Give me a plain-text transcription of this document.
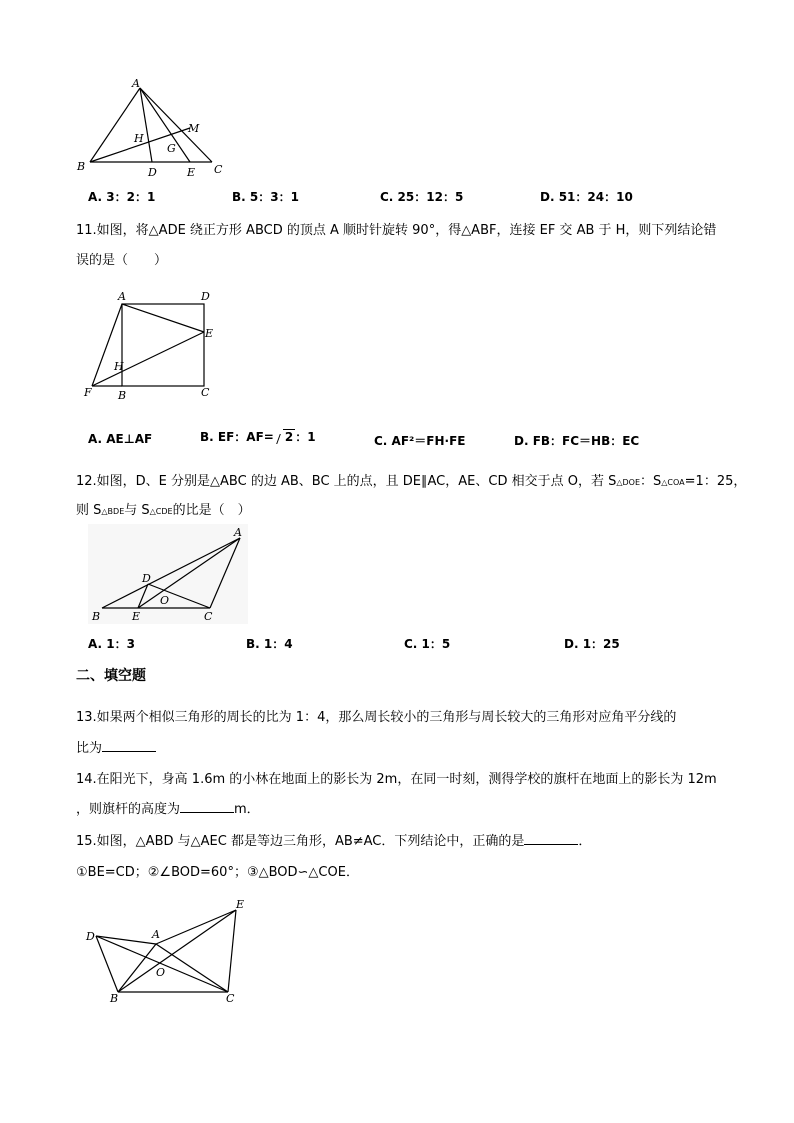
A
B	C
D	E
G
H
M
A. 3：2：1	B. 5：3：1	C. 25：12：5	D. 51：24：10
11.如图，将△ADE 绕正方形 ABCD 的顶点 A 顺时针旋转 90°，得△ABF，连接 EF 交 AB 于 H，则下列结论错
误的是（　　）
A
B	C
D
E
F
H
A. AE⊥AF	B. EF：AF= 2 ：1	C. AF²＝FH·FE	D. FB：FC＝HB：EC
12.如图，D、E 分别是△ABC 的边 AB、BC 上的点，且 DE∥AC，AE、CD 相交于点 O，若 S△DOE：S△COA=1：25，
则 S△BDE与 S△CDE的比是（　）
A
B	C
D
E
O
A. 1：3	B. 1：4	C. 1：5	D. 1：25
二、填空题
13.如果两个相似三角形的周长的比为 1：4，那么周长较小的三角形与周长较大的三角形对应角平分线的
比为
14.在阳光下，身高 1.6m 的小林在地面上的影长为 2m，在同一时刻，测得学校的旗杆在地面上的影长为 12m
，则旗杆的高度为	m．
15.如图，△ABD 与△AEC 都是等边三角形，AB≠AC．下列结论中，正确的是	．
①BE=CD；②∠BOD=60°；③△BOD∽△COE．
D	A
E
O
B	C
